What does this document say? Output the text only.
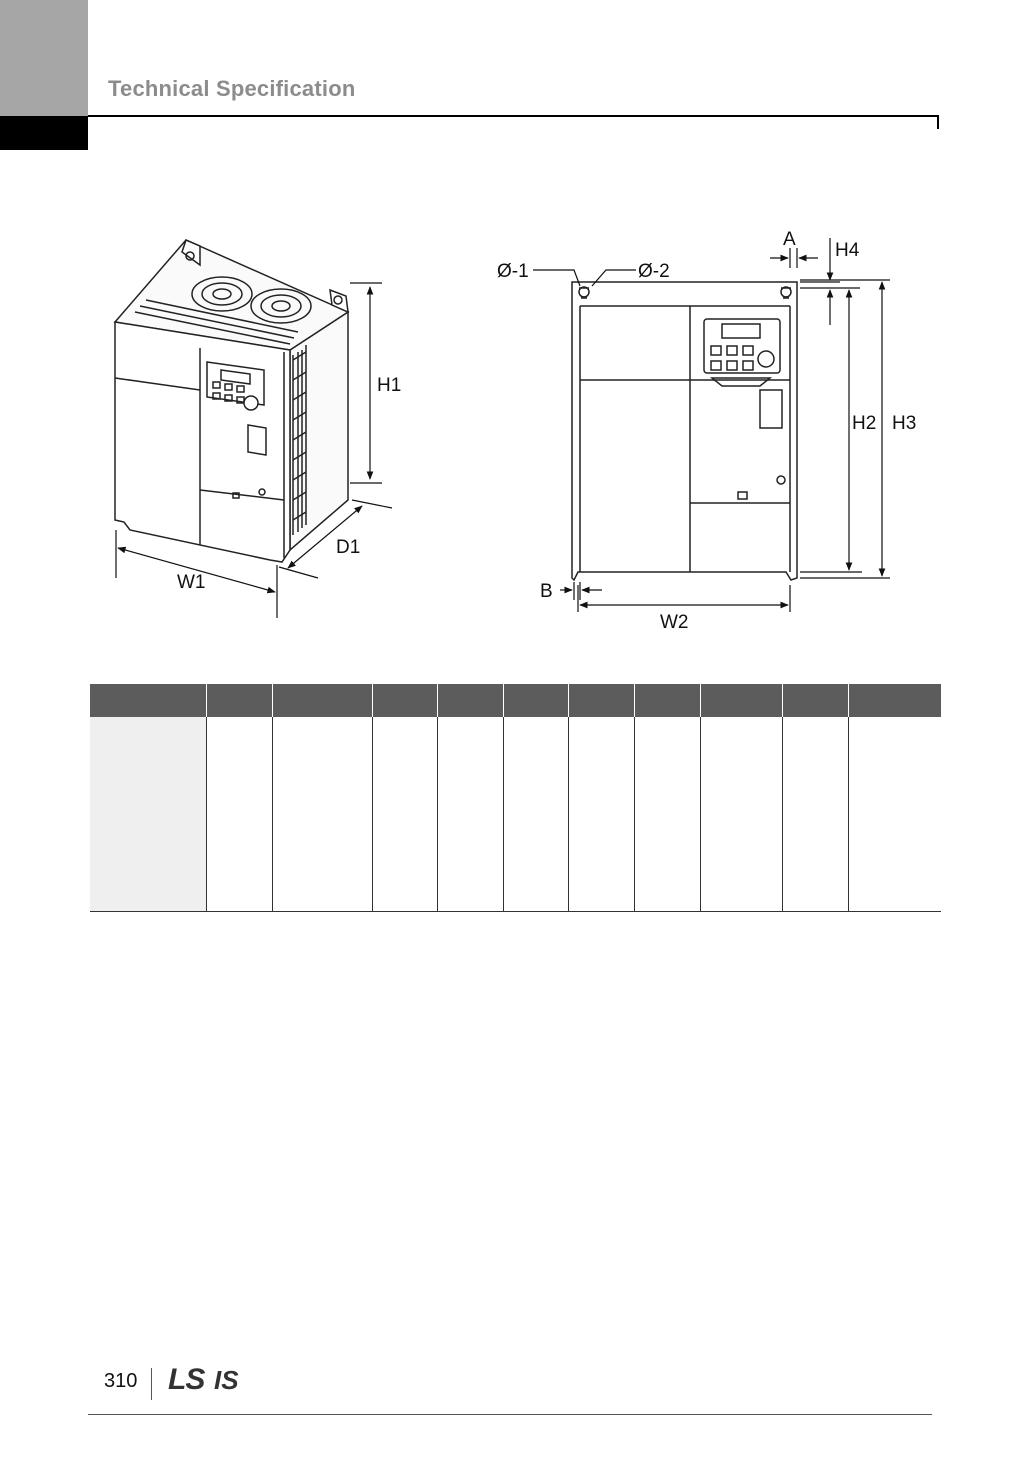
Technical Specification
H1
W1
D1
A
H4
Ø-1	Ø-2
H2 H3
B
W2

310 LS IS
